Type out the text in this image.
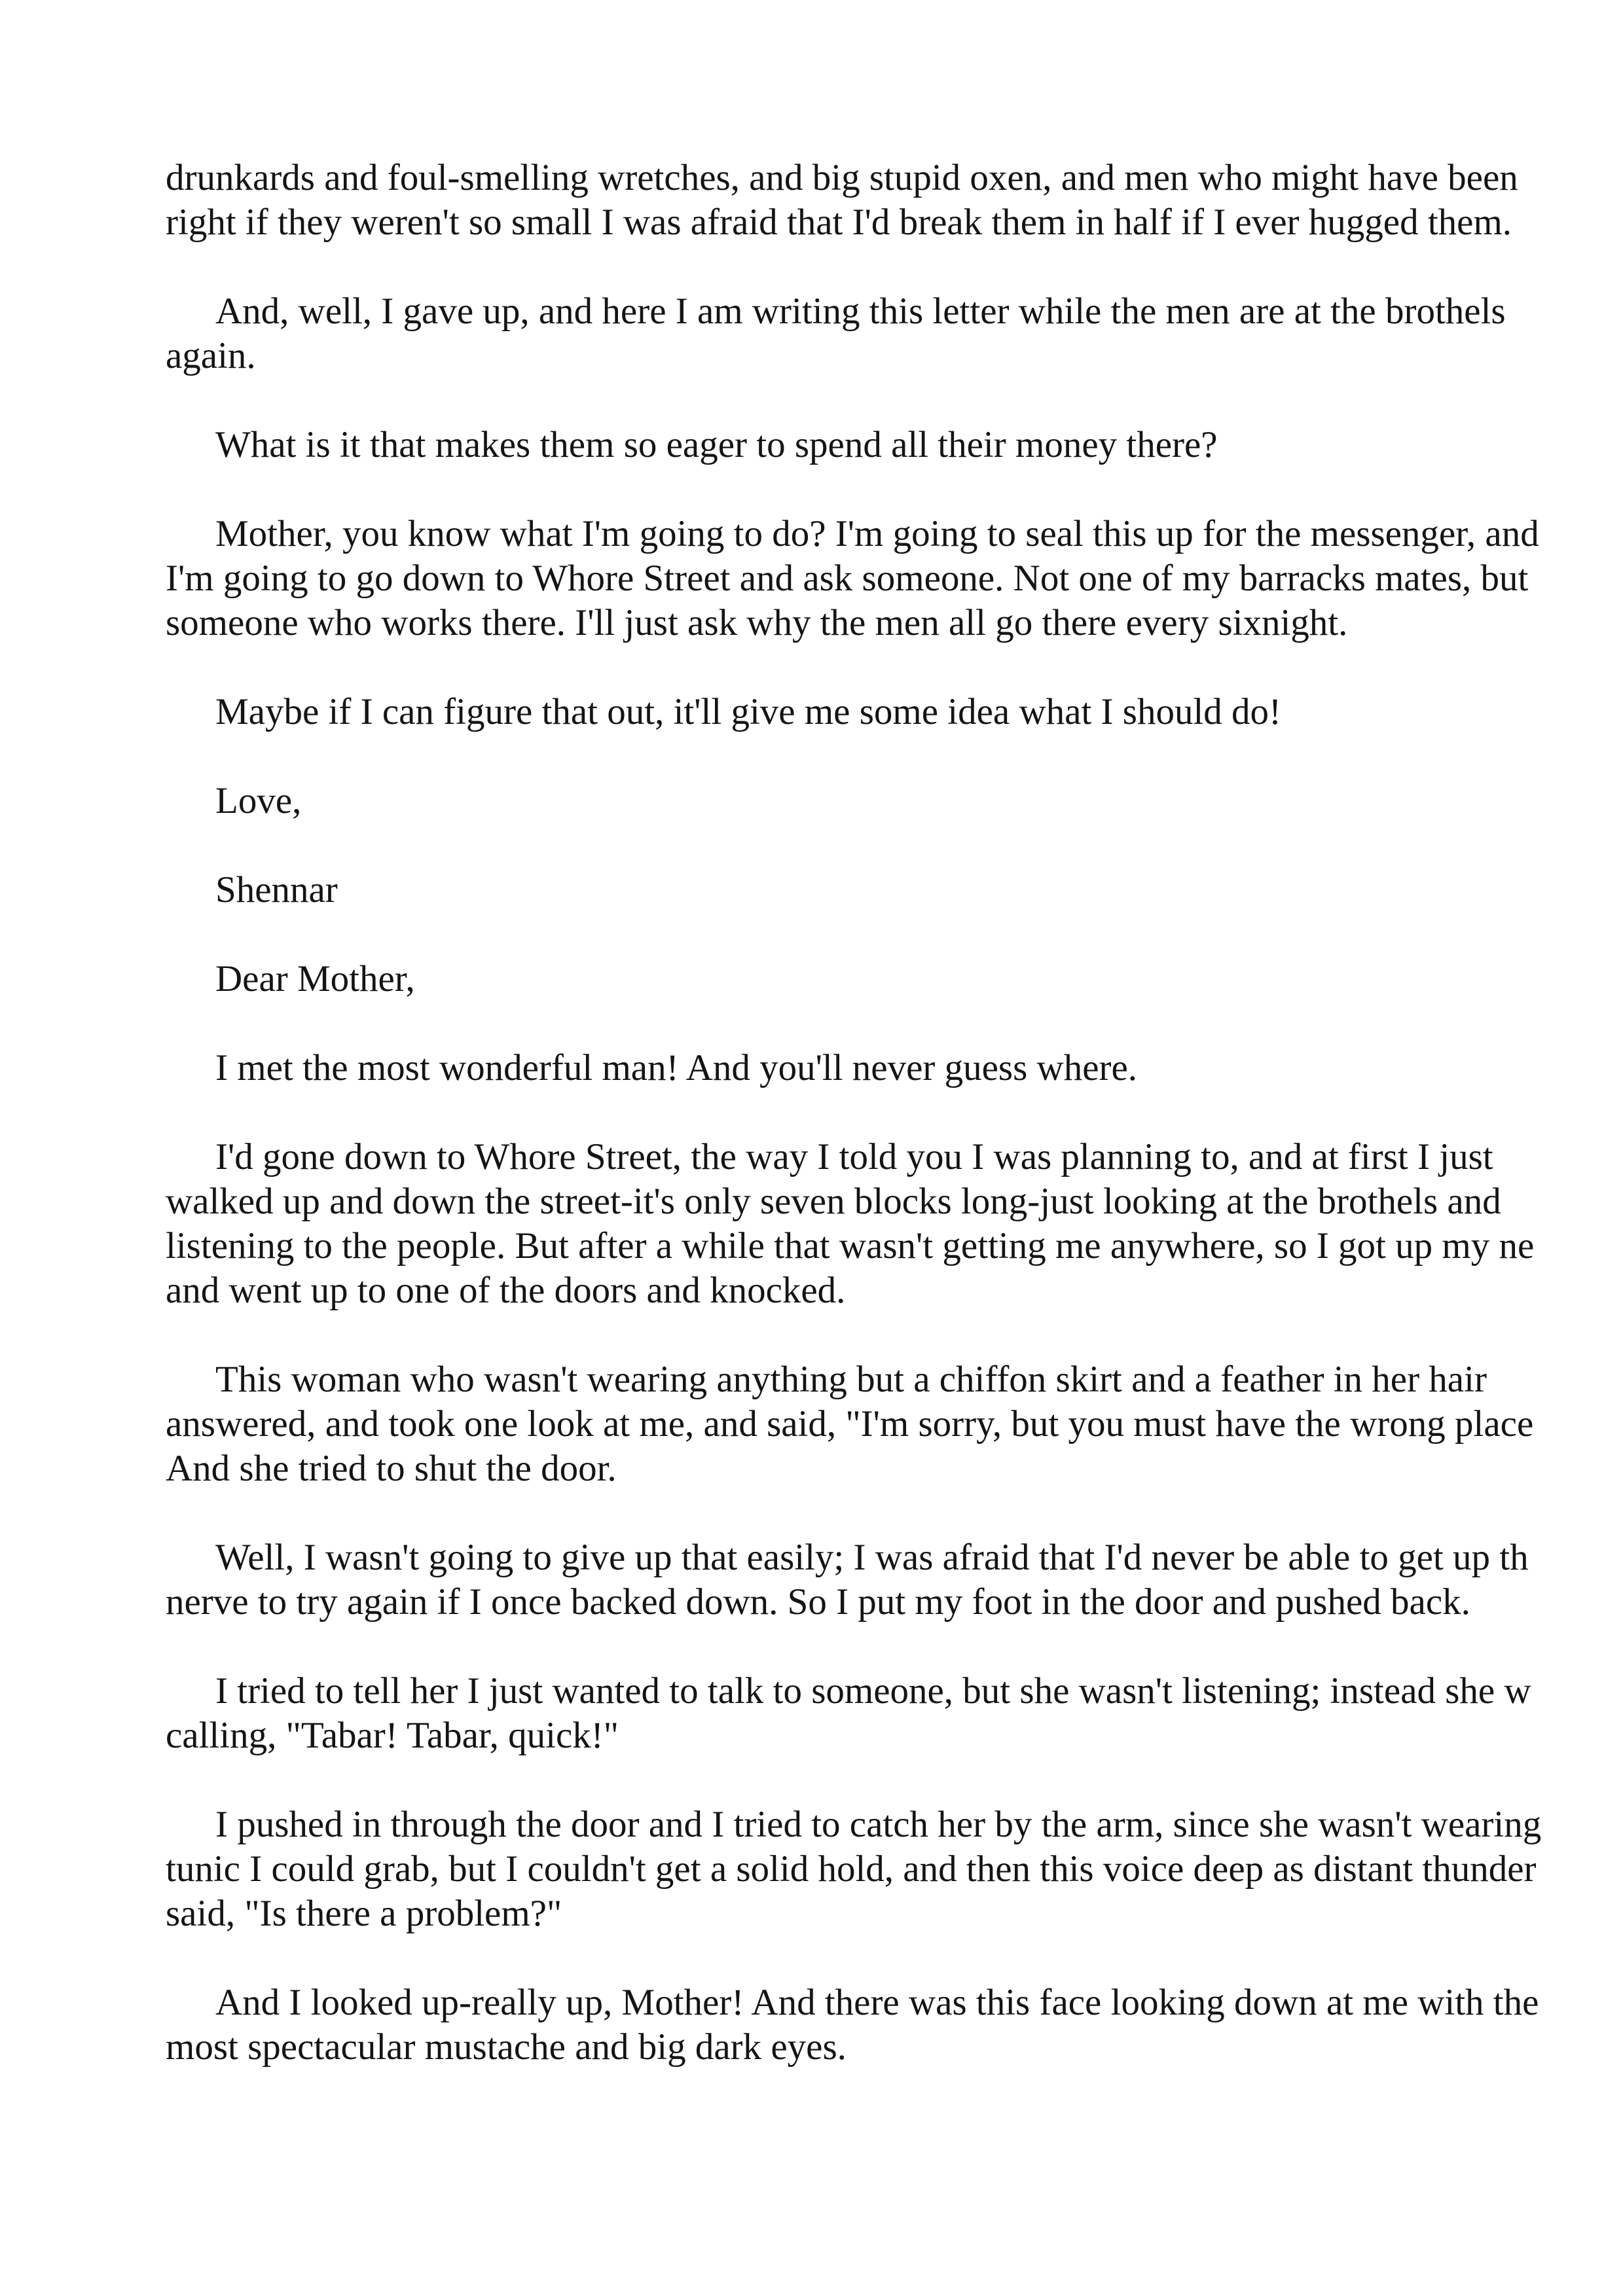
drunkards and foul-smelling wretches, and big stupid oxen, and men who might have been
right if they weren't so small I was afraid that I'd break them in half if I ever hugged them.
And, well, I gave up, and here I am writing this letter while the men are at the brothels
again.
What is it that makes them so eager to spend all their money there?
Mother, you know what I'm going to do? I'm going to seal this up for the messenger, and
I'm going to go down to Whore Street and ask someone. Not one of my barracks mates, but
someone who works there. I'll just ask why the men all go there every sixnight.
Maybe if I can figure that out, it'll give me some idea what I should do!
Love,
Shennar
Dear Mother,
I met the most wonderful man! And you'll never guess where.
I'd gone down to Whore Street, the way I told you I was planning to, and at first I just
walked up and down the street-it's only seven blocks long-just looking at the brothels and
listening to the people. But after a while that wasn't getting me anywhere, so I got up my ne
and went up to one of the doors and knocked.
This woman who wasn't wearing anything but a chiffon skirt and a feather in her hair
answered, and took one look at me, and said, "I'm sorry, but you must have the wrong place
And she tried to shut the door.
Well, I wasn't going to give up that easily; I was afraid that I'd never be able to get up th
nerve to try again if I once backed down. So I put my foot in the door and pushed back.
I tried to tell her I just wanted to talk to someone, but she wasn't listening; instead she w
calling, "Tabar! Tabar, quick!"
I pushed in through the door and I tried to catch her by the arm, since she wasn't wearing
tunic I could grab, but I couldn't get a solid hold, and then this voice deep as distant thunder
said, "Is there a problem?"
And I looked up-really up, Mother! And there was this face looking down at me with the
most spectacular mustache and big dark eyes.
